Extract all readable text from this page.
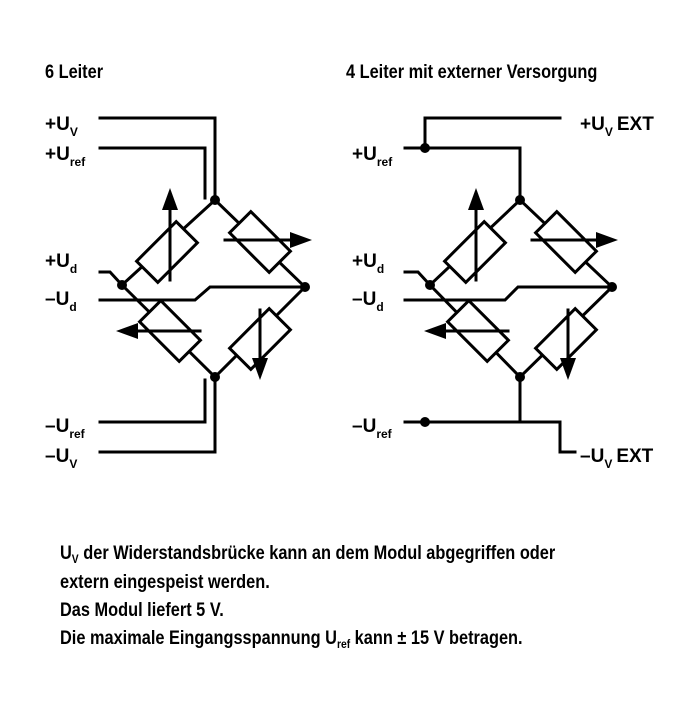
6 Leiter
$+U_V$
$+U_{ref}$
$+U_d$
$-U_d$
$-U_{ref}$
$-U_V$
4 Leiter mit externer Versorgung
$+U_V$ EXT
$+U_{ref}$
$+U_d$
$-U_d$
$-U_{ref}$
$-U_V$ EXT
$U_V$ der Widerstandsbrücke kann an dem Modul abgegriffen oder
extern eingespeist werden.
Das Modul liefert 5 V.
Die maximale Eingangsspannung $U_{ref}$ kann ± 15 V betragen.
